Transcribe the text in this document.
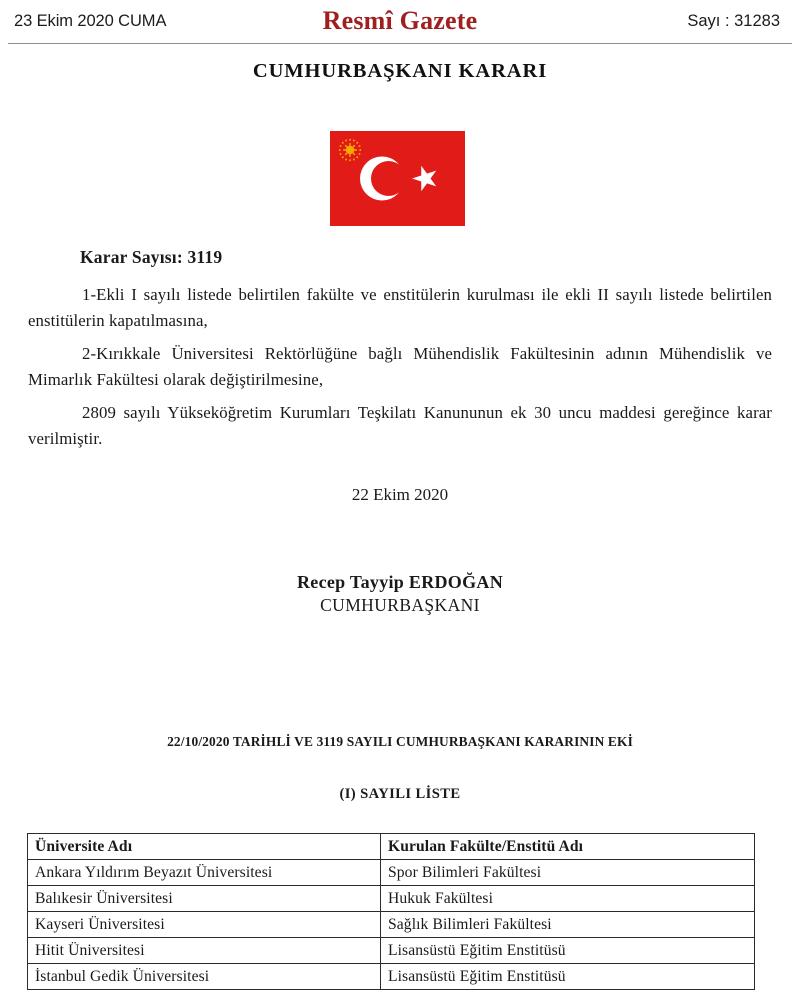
23 Ekim 2020 CUMA	Resmî Gazete	Sayı : 31283
CUMHURBAŞKANI KARARI
Karar Sayısı: 3119

1-Ekli I sayılı listede belirtilen fakülte ve enstitülerin kurulması ile ekli II sayılı listede belirtilen enstitülerin kapatılmasına,

2-Kırıkkale Üniversitesi Rektörlüğüne bağlı Mühendislik Fakültesinin adının Mühendislik ve Mimarlık Fakültesi olarak değiştirilmesine,

2809 sayılı Yükseköğretim Kurumları Teşkilatı Kanununun ek 30 uncu maddesi gereğince karar verilmiştir.

22 Ekim 2020
Recep Tayyip ERDOĞAN
CUMHURBAŞKANI
22/10/2020 TARİHLİ VE 3119 SAYILI CUMHURBAŞKANI KARARININ EKİ
(I) SAYILI LİSTE
Üniversite Adı	Kurulan Fakülte/Enstitü Adı
Ankara Yıldırım Beyazıt Üniversitesi	Spor Bilimleri Fakültesi
Balıkesir Üniversitesi	Hukuk Fakültesi
Kayseri Üniversitesi	Sağlık Bilimleri Fakültesi
Hitit Üniversitesi	Lisansüstü Eğitim Enstitüsü
İstanbul Gedik Üniversitesi	Lisansüstü Eğitim Enstitüsü
